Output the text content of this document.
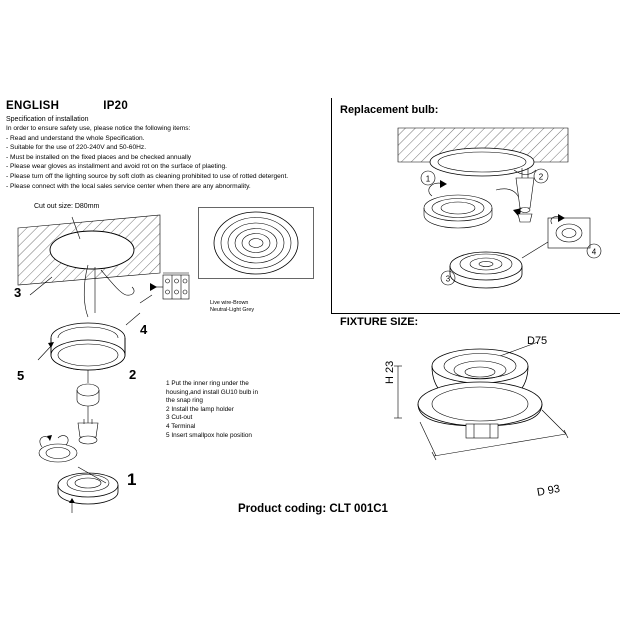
ENGLISH	IP20
Specification of installation
In order to ensure safety use, please notice the following items:
- Read and understand the whole Specification.
- Suitable for the use of 220-240V and 50-60Hz.
- Must be installed on the fixed places and be checked annually
- Please wear gloves as installment and avoid rot on the surface of plaeting.
- Please turn off the lighting source by soft cloth as cleaning prohibited to use of rotted detergent.
- Please connect with the local sales service center when there are any abnormality.
Cut out size: D80mm
3
4
5	2
1
Live wire-Brown
Neutral-Light Grey
1 Put the inner ring under the
housing,and install GU10 bulb in
the snap ring
2 Install the lamp holder
3 Cut-out
4 Terminal
5 Insert smallpox hole position
Replacement bulb:
1	2
4
3
FIXTURE SIZE:
D75
H 23
D 93
Product coding: CLT 001C1
